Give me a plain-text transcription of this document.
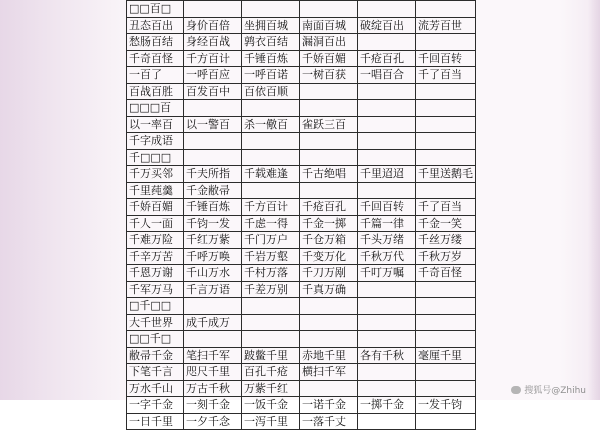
□□百□					
丑态百出	身价百倍	坐拥百城	南面百城	破绽百出	流芳百世
愁肠百结	身经百战	鹑衣百结	漏洞百出		
千奇百怪	千方百计	千锤百炼	千娇百媚	千疮百孔	千回百转
一百了	一呼百应	一呼百诺	一树百获	一唱百合	千了百当
百战百胜	百发百中	百依百顺			
□□□百					
以一率百	以一警百	杀一儆百	雀跃三百		
千字成语					
千□□□					
千万买邻	千夫所指	千载难逢	千古绝唱	千里迢迢	千里送鹅毛
千里莼羹	千金敝帚				
千娇百媚	千锤百炼	千方百计	千疮百孔	千回百转	千了百当
千人一面	千钧一发	千虑一得	千金一掷	千篇一律	千金一笑
千难万险	千红万紫	千门万户	千仓万箱	千头万绪	千丝万缕
千辛万苦	千呼万唤	千岩万壑	千变万化	千秋万代	千秋万岁
千恩万谢	千山万水	千村万落	千刀万剐	千叮万嘱	千奇百怪
千军万马	千言万语	千差万别	千真万确		
□千□□					
大千世界	成千成万				
□□千□					
敝帚千金	笔扫千军	跛鳖千里	赤地千里	各有千秋	毫厘千里
下笔千言	咫尺千里	百孔千疮	横扫千军		
万水千山	万古千秋	万紫千红			
一字千金	一刻千金	一饭千金	一诺千金	一掷千金	一发千钧
一日千里	一夕千念	一泻千里	一落千丈		
搜狐号@Zhihu
